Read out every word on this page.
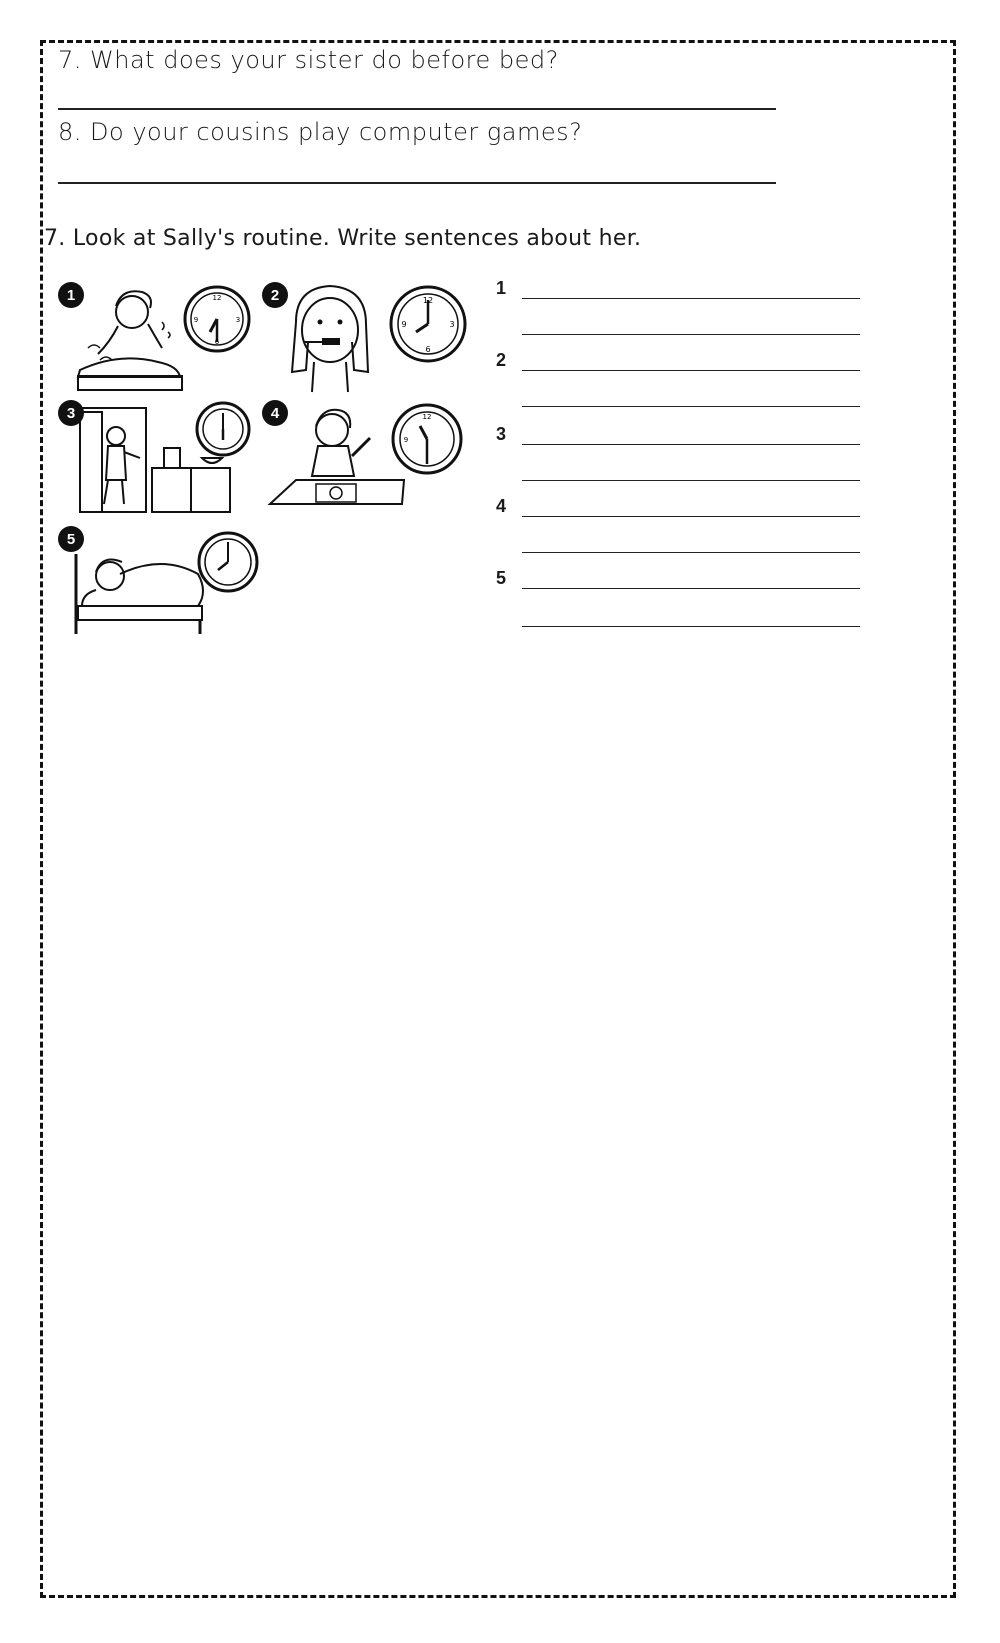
7. What does your sister do before bed?
8. Do your cousins play computer games?
7. Look at Sally's routine. Write sentences about her.
1	12
3
6
9
2	12
3
6
9
3	4	12
9
5
1
2
3
4
5
